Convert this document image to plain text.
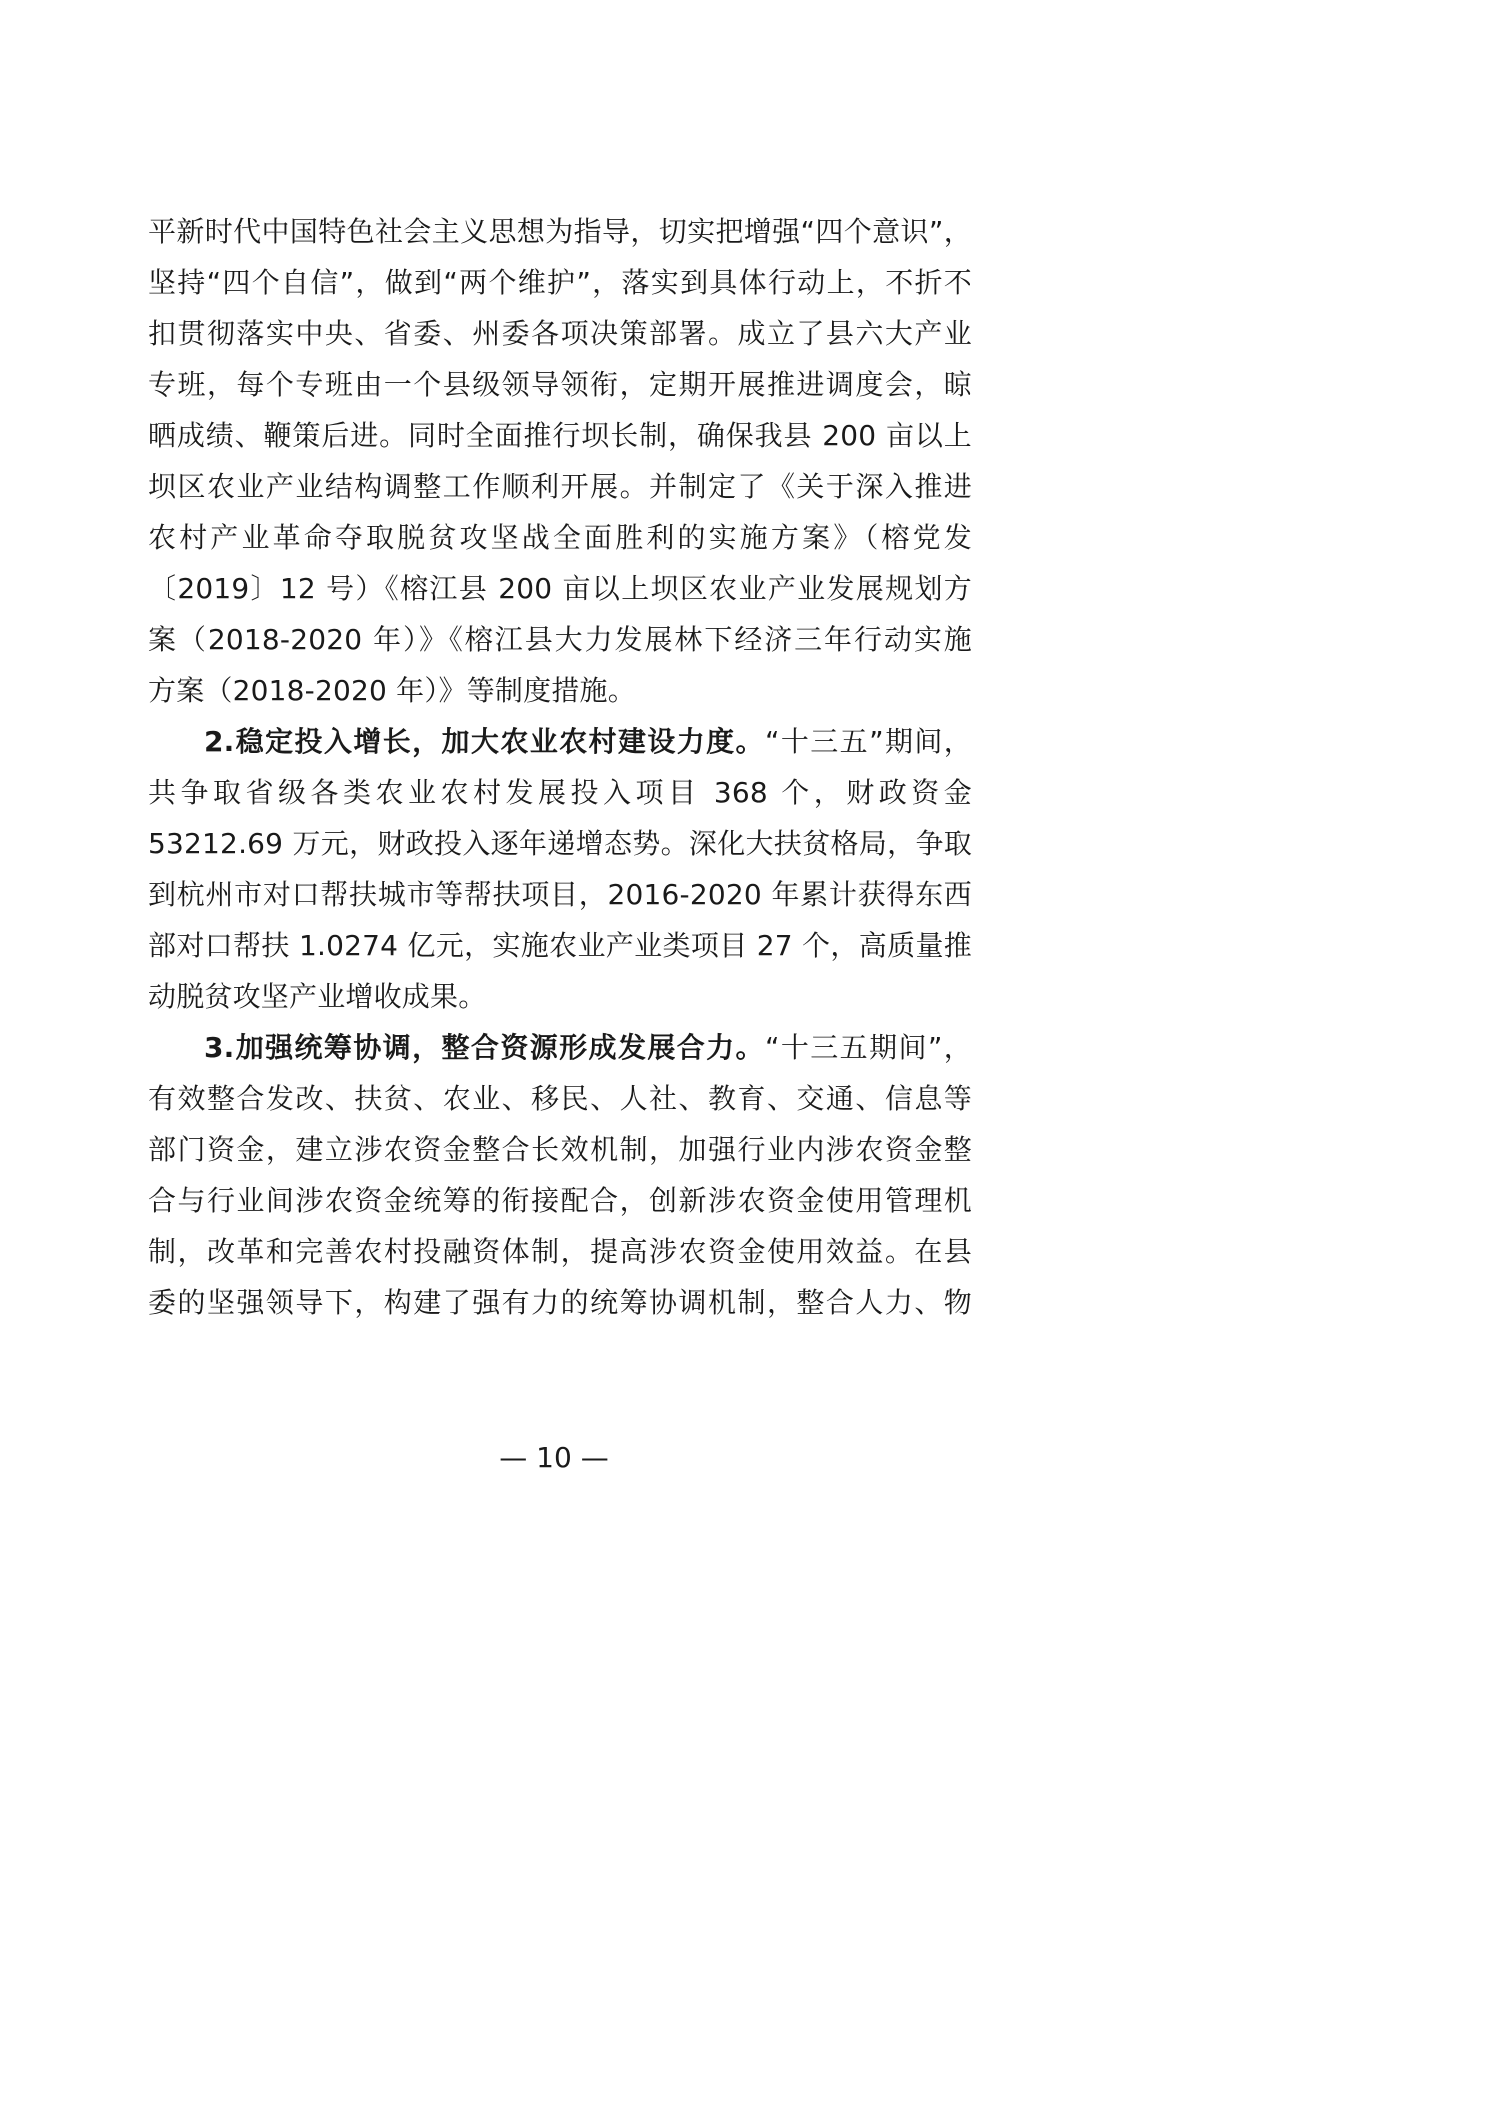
平新时代中国特色社会主义思想为指导，切实把增强“四个意识”，
坚持“四个自信”，做到“两个维护”，落实到具体行动上，不折不
扣贯彻落实中央、省委、州委各项决策部署。成立了县六大产业
专班，每个专班由一个县级领导领衔，定期开展推进调度会，晾
晒成绩、鞭策后进。同时全面推行坝长制，确保我县 200 亩以上
坝区农业产业结构调整工作顺利开展。并制定了《关于深入推进
农村产业革命夺取脱贫攻坚战全面胜利的实施方案》（榕党发
〔2019〕12 号）《榕江县 200 亩以上坝区农业产业发展规划方
案（2018-2020 年）》《榕江县大力发展林下经济三年行动实施
方案（2018-2020 年）》等制度措施。
2.稳定投入增长，加大农业农村建设力度。“十三五”期间，
共争取省级各类农业农村发展投入项目 368 个，财政资金
53212.69 万元，财政投入逐年递增态势。深化大扶贫格局，争取
到杭州市对口帮扶城市等帮扶项目，2016-2020 年累计获得东西
部对口帮扶 1.0274 亿元，实施农业产业类项目 27 个，高质量推
动脱贫攻坚产业增收成果。
3.加强统筹协调，整合资源形成发展合力。“十三五期间”，
有效整合发改、扶贫、农业、移民、人社、教育、交通、信息等
部门资金，建立涉农资金整合长效机制，加强行业内涉农资金整
合与行业间涉农资金统筹的衔接配合，创新涉农资金使用管理机
制，改革和完善农村投融资体制，提高涉农资金使用效益。在县
委的坚强领导下，构建了强有力的统筹协调机制，整合人力、物
— 10 —
